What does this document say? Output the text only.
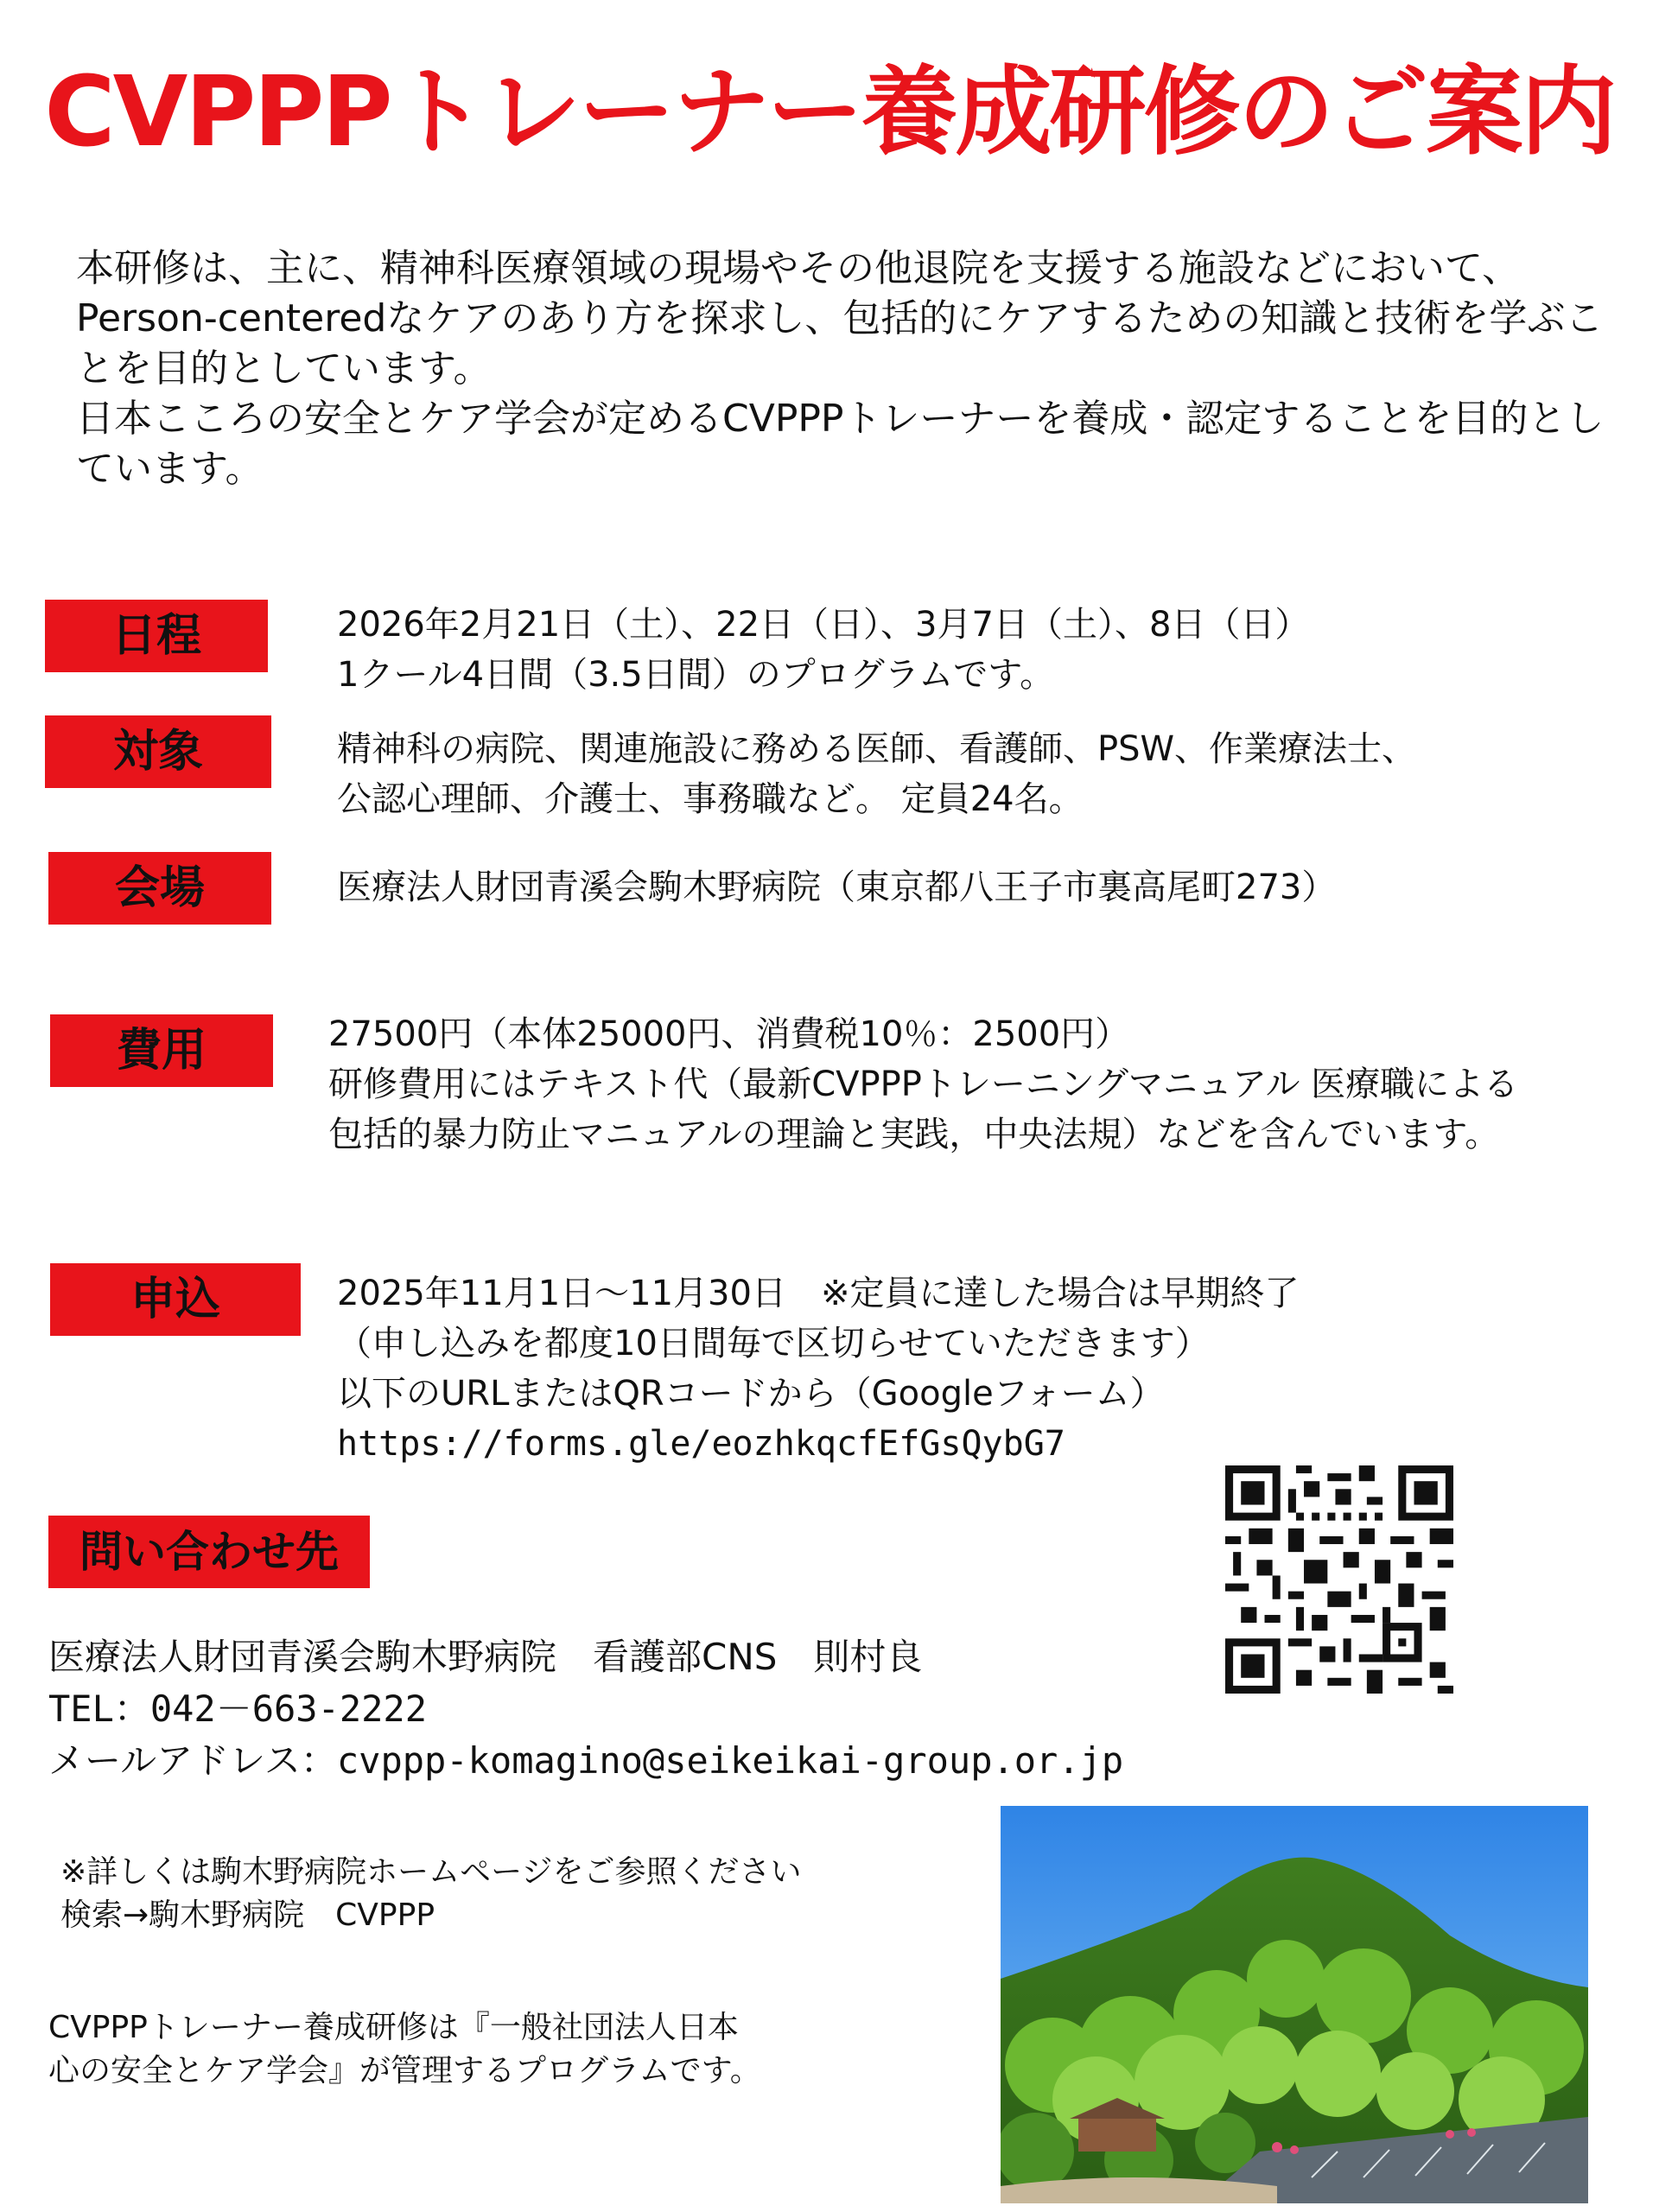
CVPPPトレーナー養成研修のご案内

本研修は、主に、精神科医療領域の現場やその他退院を支援する施設などにおいて、

Person-centeredなケアのあり方を探求し、包括的にケアするための知識と技術を学ぶこ

とを目的としています。

日本こころの安全とケア学会が定めるCVPPPトレーナーを養成・認定することを目的とし

ています。

日程	2026年2月21日（土）、22日（日）、3月7日（土）、8日（日）
1クール4日間（3.5日間）のプログラムです。
対象	精神科の病院、関連施設に務める医師、看護師、PSW、作業療法士、
公認心理師、介護士、事務職など。 定員24名。
会場	医療法人財団青溪会駒木野病院（東京都八王子市裏高尾町273）
費用	27500円（本体25000円、消費税10％：2500円）
研修費用にはテキスト代（最新CVPPPトレーニングマニュアル 医療職による
包括的暴力防止マニュアルの理論と実践，中央法規）などを含んでいます。
申込	2025年11月1日～11月30日　※定員に達した場合は早期終了
（申し込みを都度10日間毎で区切らせていただきます）
以下のURLまたはQRコードから（Googleフォーム）
https://forms.gle/eozhkqcfEfGsQybG7
問い合わせ先
医療法人財団青溪会駒木野病院　看護部CNS　則村良
TEL：042－663-2222
メールアドレス：cvppp-komagino@seikeikai-group.or.jp
※詳しくは駒木野病院ホームページをご参照ください
検索→駒木野病院　CVPPP
CVPPPトレーナー養成研修は『一般社団法人日本
心の安全とケア学会』が管理するプログラムです。
